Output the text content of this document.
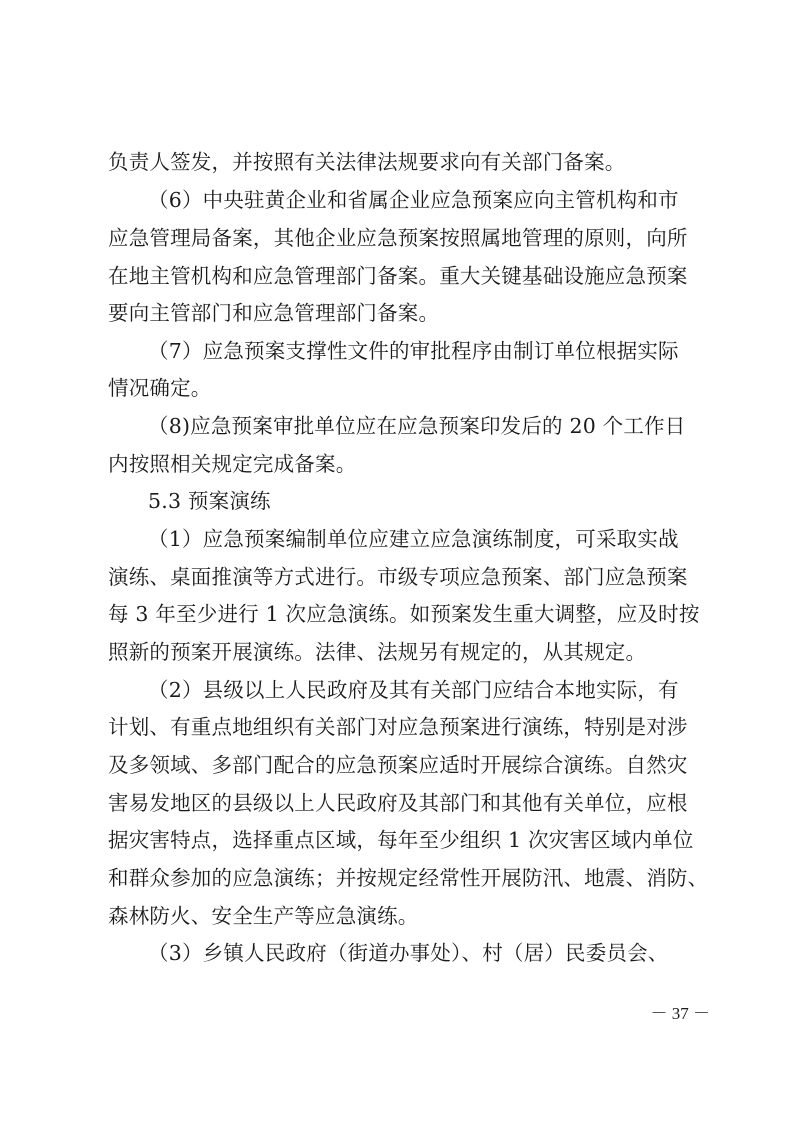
负责人签发，并按照有关法律法规要求向有关部门备案。
（6）中央驻黄企业和省属企业应急预案应向主管机构和市
应急管理局备案，其他企业应急预案按照属地管理的原则，向所
在地主管机构和应急管理部门备案。重大关键基础设施应急预案
要向主管部门和应急管理部门备案。
（7）应急预案支撑性文件的审批程序由制订单位根据实际
情况确定。
（8)应急预案审批单位应在应急预案印发后的 20 个工作日
内按照相关规定完成备案。
5.3 预案演练
（1）应急预案编制单位应建立应急演练制度，可采取实战
演练、桌面推演等方式进行。市级专项应急预案、部门应急预案
每 3 年至少进行 1 次应急演练。如预案发生重大调整，应及时按
照新的预案开展演练。法律、法规另有规定的，从其规定。
（2）县级以上人民政府及其有关部门应结合本地实际，有
计划、有重点地组织有关部门对应急预案进行演练，特别是对涉
及多领域、多部门配合的应急预案应适时开展综合演练。自然灾
害易发地区的县级以上人民政府及其部门和其他有关单位，应根
据灾害特点，选择重点区域，每年至少组织 1 次灾害区域内单位
和群众参加的应急演练；并按规定经常性开展防汛、地震、消防、
森林防火、安全生产等应急演练。
（3）乡镇人民政府（街道办事处）、村（居）民委员会、
－ 37 －
